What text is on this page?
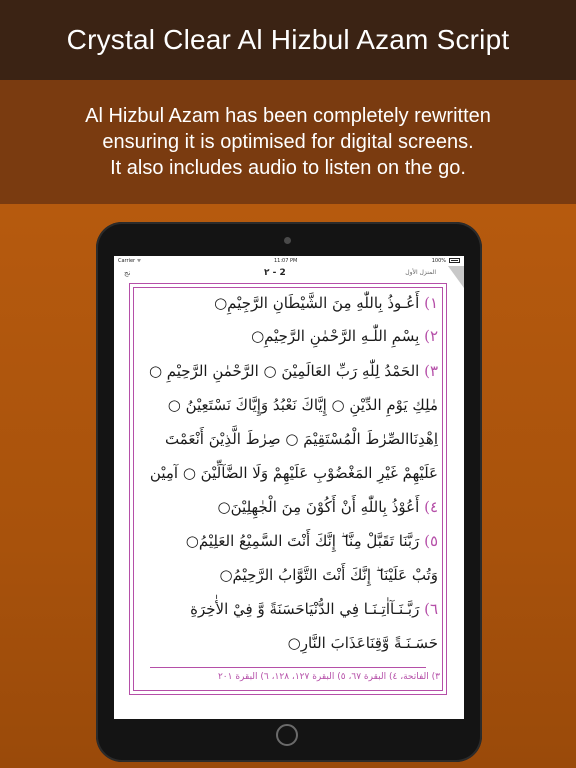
Crystal Clear Al Hizbul Azam Script
Al Hizbul Azam has been completely rewritten
ensuring it is optimised for digital screens.
It also includes audio to listen on the go.
Carrier ᯤ	11:07 PM	100%
نج	٢ - 2	المنزل الأول
١) أَعُـوذُ بِاللّٰهِ مِنَ الشَّيْطَانِ الرَّجِيْمِ○
٢) بِسْمِ اللّٰـهِ الرَّحْمٰنِ الرَّحِيْمِ○
٣) الحَمْدُ لِلّٰهِ رَبِّ العَالَمِيْنَ ○ الرَّحْمٰنِ الرَّحِيْمِ ○
مٰلِكِ يَوْمِ الدِّيْنِ ○ إِيَّاكَ نَعْبُدُ وَإِيَّاكَ نَسْتَعِيْنُ ○
اِهْدِنَاالصِّرٰطَ الْمُسْتَقِيْمَ ○ صِرٰطَ الَّذِيْنَ أَنْعَمْتَ
عَلَيْهِمْ غَيْرِ المَغْضُوْبِ عَلَيْهِمْ وَلَا الضَّآلِّيْنَ ○ آمِيْن
٤) أَعُوْذُ بِاللّٰهِ أَنْ أَكُوْنَ مِنَ الْجٰهِلِيْنَ○
٥) رَبَّنَا تَقَبَّلْ مِنَّا ۖ إِنَّكَ أَنْتَ السَّمِيْعُ العَلِيْمُ○
وَتُبْ عَلَيْنَا ۖ إِنَّكَ أَنْتَ التَّوَّابُ الرَّحِيْمُ○
٦) رَبَّـنَـآاٰتِـنَـا فِي الدُّنْيَاحَسَنَةً وَّ فِيْ الأٰخِرَةِ
حَسَـنَـةً وَّقِنَاعَذَابَ النَّارِ○
٣) الفاتحة، ٤) البقرة ٦٧، ٥) البقرة ١٢٧، ١٢٨، ٦) البقرة ٢٠١
